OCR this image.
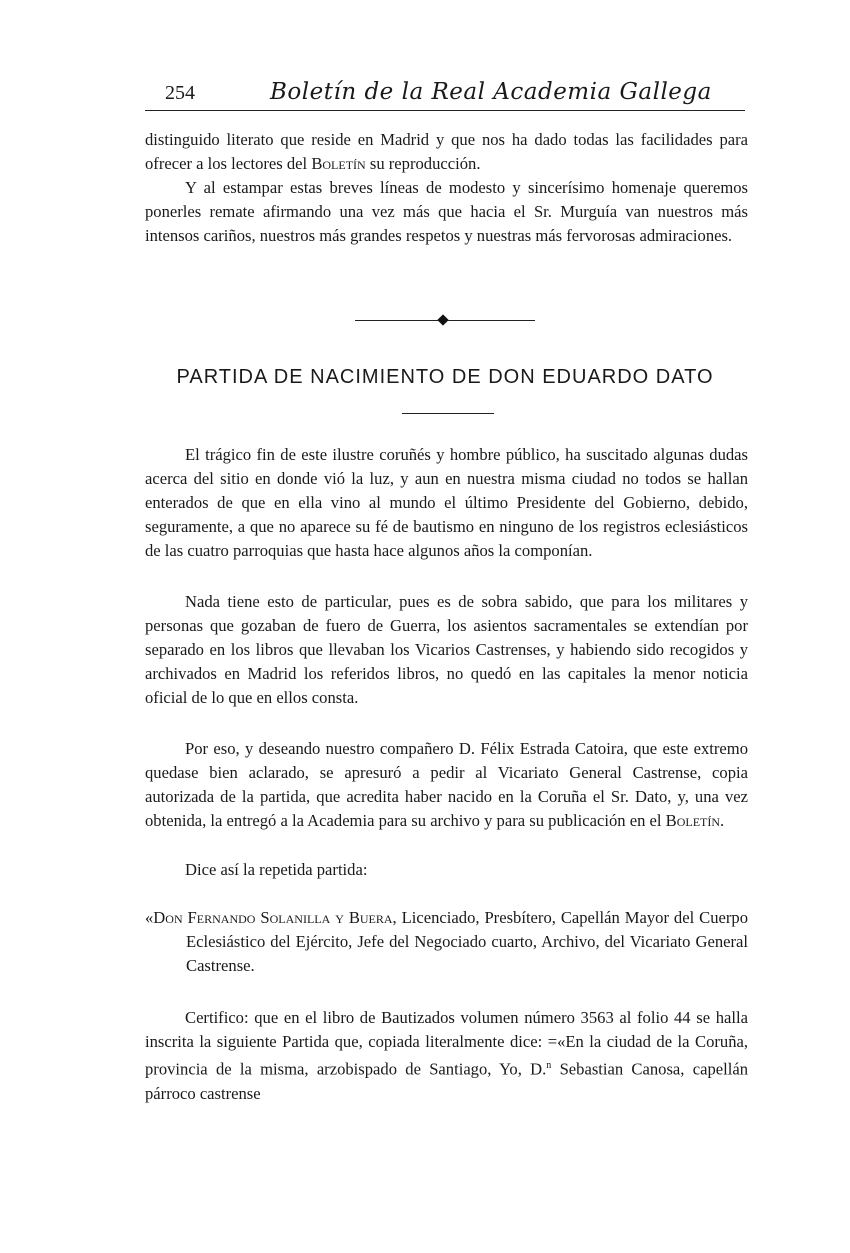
254	Boletín de la Real Academia Gallega

distinguido literato que reside en Madrid y que nos ha dado todas las facilidades para ofrecer a los lectores del Boletín su reproducción.

Y al estampar estas breves líneas de modesto y sincerísimo homenaje queremos ponerles remate afirmando una vez más que hacia el Sr. Murguía van nuestros más intensos cariños, nuestros más grandes respetos y nuestras más fervorosas admiraciones.

PARTIDA DE NACIMIENTO DE DON EDUARDO DATO

El trágico fin de este ilustre coruñés y hombre público, ha suscitado algunas dudas acerca del sitio en donde vió la luz, y aun en nuestra misma ciudad no todos se hallan enterados de que en ella vino al mundo el último Presidente del Gobierno, debido, seguramente, a que no aparece su fé de bautismo en ninguno de los registros eclesiásticos de las cuatro parroquias que hasta hace algunos años la componían.

Nada tiene esto de particular, pues es de sobra sabido, que para los militares y personas que gozaban de fuero de Guerra, los asientos sacramentales se extendían por separado en los libros que llevaban los Vicarios Castrenses, y habiendo sido recogidos y archivados en Madrid los referidos libros, no quedó en las capitales la menor noticia oficial de lo que en ellos consta.

Por eso, y deseando nuestro compañero D. Félix Estrada Catoira, que este extremo quedase bien aclarado, se apresuró a pedir al Vicariato General Castrense, copia autorizada de la partida, que acredita haber nacido en la Coruña el Sr. Dato, y, una vez obtenida, la entregó a la Academia para su archivo y para su publicación en el Boletín.

Dice así la repetida partida:

«Don Fernando Solanilla y Buera, Licenciado, Presbítero, Capellán Mayor del Cuerpo Eclesiástico del Ejército, Jefe del Negociado cuarto, Archivo, del Vicariato General Castrense.

Certifico: que en el libro de Bautizados volumen número 3563 al folio 44 se halla inscrita la siguiente Partida que, copiada literalmente dice: =«En la ciudad de la Coruña, provincia de la misma, arzobispado de Santiago, Yo, D.$^n$ Sebastian Canosa, capellán párroco castrense
